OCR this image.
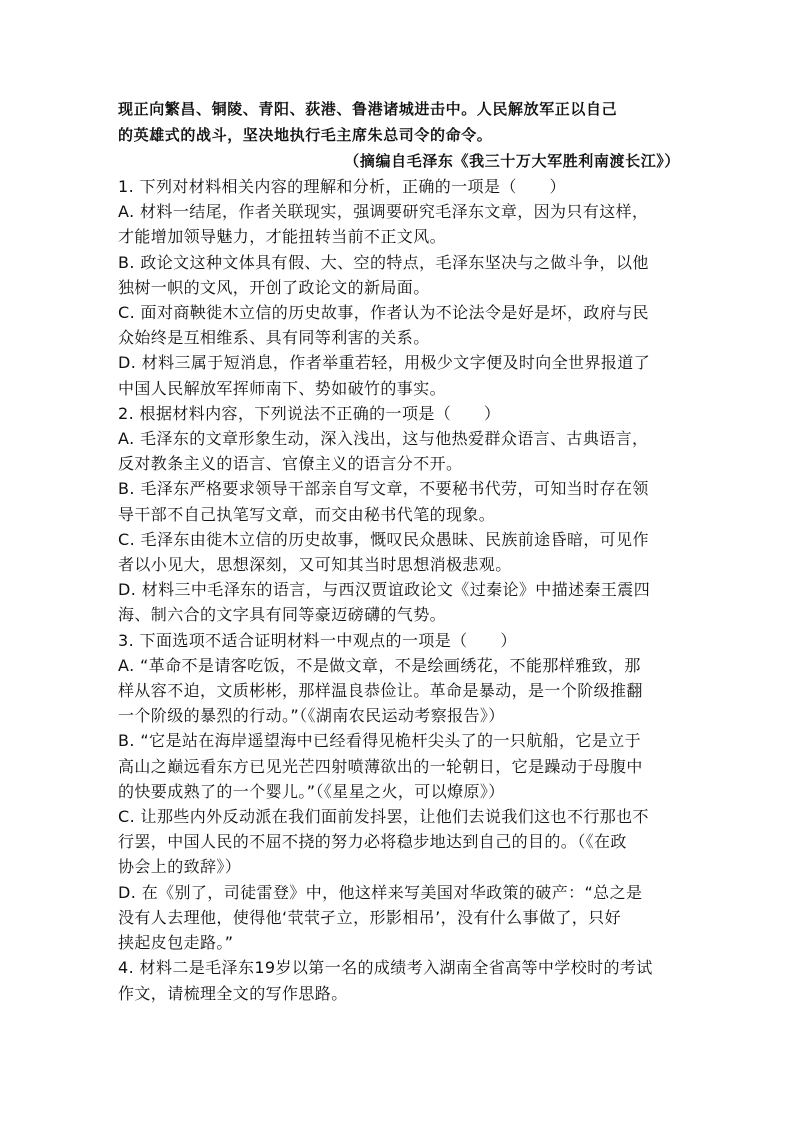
现正向繁昌、铜陵、青阳、荻港、鲁港诸城进击中。人民解放军正以自己
的英雄式的战斗，坚决地执行毛主席朱总司令的命令。
（摘编自毛泽东《我三十万大军胜利南渡长江》）
1. 下列对材料相关内容的理解和分析，正确的一项是（　　）
A. 材料一结尾，作者关联现实，强调要研究毛泽东文章，因为只有这样，
才能增加领导魅力，才能扭转当前不正文风。
B. 政论文这种文体具有假、大、空的特点，毛泽东坚决与之做斗争，以他
独树一帜的文风，开创了政论文的新局面。
C. 面对商鞅徙木立信的历史故事，作者认为不论法令是好是坏，政府与民
众始终是互相维系、具有同等利害的关系。
D. 材料三属于短消息，作者举重若轻，用极少文字便及时向全世界报道了
中国人民解放军挥师南下、势如破竹的事实。
2. 根据材料内容，下列说法不正确的一项是（　　）
A. 毛泽东的文章形象生动，深入浅出，这与他热爱群众语言、古典语言，
反对教条主义的语言、官僚主义的语言分不开。
B. 毛泽东严格要求领导干部亲自写文章，不要秘书代劳，可知当时存在领
导干部不自己执笔写文章，而交由秘书代笔的现象。
C. 毛泽东由徙木立信的历史故事，慨叹民众愚昧、民族前途昏暗，可见作
者以小见大，思想深刻，又可知其当时思想消极悲观。
D. 材料三中毛泽东的语言，与西汉贾谊政论文《过秦论》中描述秦王震四
海、制六合的文字具有同等豪迈磅礴的气势。
3. 下面选项不适合证明材料一中观点的一项是（　　）
A. “革命不是请客吃饭，不是做文章，不是绘画绣花，不能那样雅致，那
样从容不迫，文质彬彬，那样温良恭俭让。革命是暴动，是一个阶级推翻
一个阶级的暴烈的行动。”（《湖南农民运动考察报告》）
B. “它是站在海岸遥望海中已经看得见桅杆尖头了的一只航船，它是立于
高山之巅远看东方已见光芒四射喷薄欲出的一轮朝日，它是躁动于母腹中
的快要成熟了的一个婴儿。”（《星星之火，可以燎原》）
C. 让那些内外反动派在我们面前发抖罢，让他们去说我们这也不行那也不
行罢，中国人民的不屈不挠的努力必将稳步地达到自己的目的。（《在政
协会上的致辞》）
D. 在《别了，司徒雷登》中，他这样来写美国对华政策的破产：“总之是
没有人去理他，使得他‘茕茕孑立，形影相吊’，没有什么事做了，只好
挟起皮包走路。”
4. 材料二是毛泽东19岁以第一名的成绩考入湖南全省高等中学校时的考试
作文，请梳理全文的写作思路。
